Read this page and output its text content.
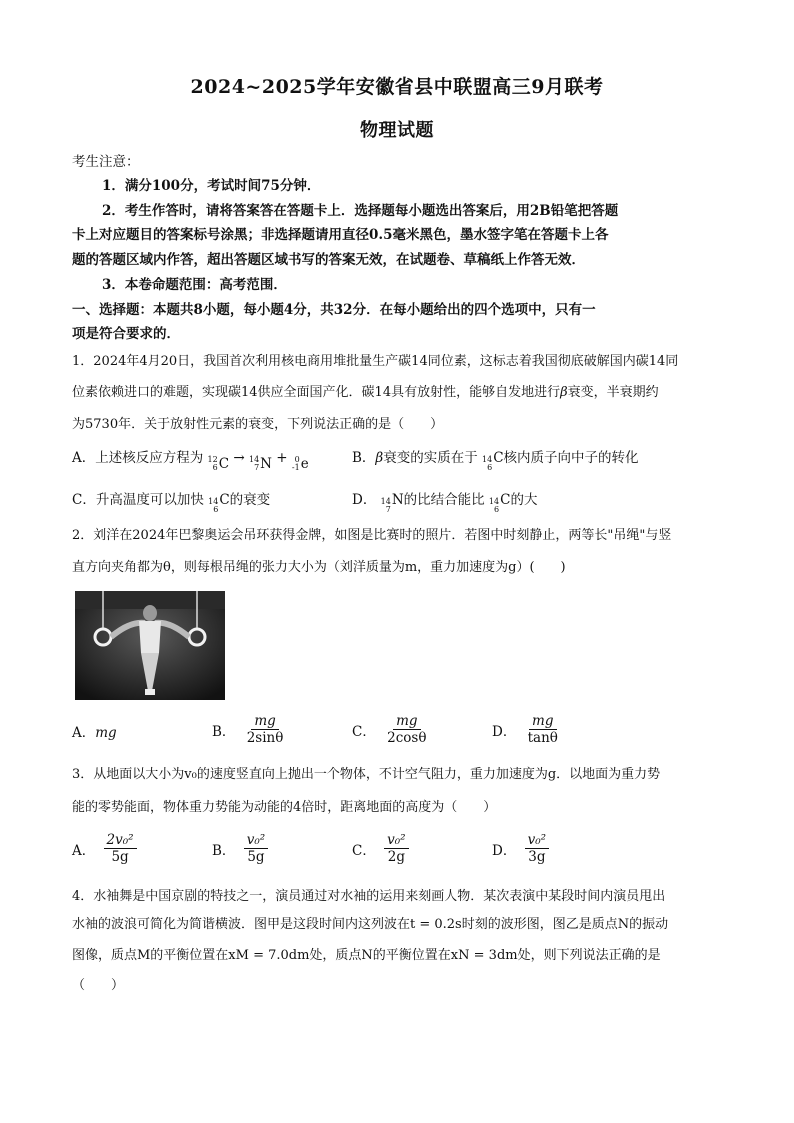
2024~2025学年安徽省县中联盟高三9月联考
物理试题
考生注意：
1．满分100分，考试时间75分钟．
2．考生作答时，请将答案答在答题卡上．选择题每小题选出答案后，用2B铅笔把答题
卡上对应题目的答案标号涂黑；非选择题请用直径0.5毫米黑色，墨水签字笔在答题卡上各
题的答题区域内作答，超出答题区域书写的答案无效，在试题卷、草稿纸上作答无效．
3．本卷命题范围：高考范围．
一、选择题：本题共8小题，每小题4分，共32分．在每小题给出的四个选项中，只有一
项是符合要求的．
1．2024年4月20日，我国首次利用核电商用堆批量生产碳14同位素，这标志着我国彻底破解国内碳14同
位素依赖进口的难题，实现碳14供应全面国产化．碳14具有放射性，能够自发地进行β衰变，半衰期约
为5730年．关于放射性元素的衰变，下列说法正确的是（　　）
A．上述核反应方程为 12
6 C → 14
7 N + 0
-1 e	B．β衰变的实质在于 14
6
C核内质子向中子的转化
C．升高温度可以加快 14
6
C的衰变	D． 14
7
N的比结合能比 14
6
C的大
2．刘洋在2024年巴黎奥运会吊环获得金牌，如图是比赛时的照片．若图中时刻静止，两等长"吊绳"与竖
直方向夹角都为θ，则每根吊绳的张力大小为（刘洋质量为m，重力加速度为g）(　　)
A．mg	B． $\frac{mg}{2\sin\theta}$	C． $\frac{mg}{2\cos\theta}$	D． $\frac{mg}{\tan\theta}$
3．从地面以大小为v₀的速度竖直向上抛出一个物体，不计空气阻力，重力加速度为g．以地面为重力势
能的零势能面，物体重力势能为动能的4倍时，距离地面的高度为（　　）
A． $\frac{\text{2v₀²}}{5g}$	B． $\frac{\text{v₀²}}{5g}$	C． $\frac{\text{v₀²}}{2g}$	D． $\frac{\text{v₀²}}{3g}$
4．水袖舞是中国京剧的特技之一，演员通过对水袖的运用来刻画人物．某次表演中某段时间内演员甩出
水袖的波浪可简化为简谐横波．图甲是这段时间内这列波在t = 0.2s时刻的波形图，图乙是质点N的振动
图像，质点M的平衡位置在xM = 7.0dm处，质点N的平衡位置在xN = 3dm处，则下列说法正确的是
（　　）
